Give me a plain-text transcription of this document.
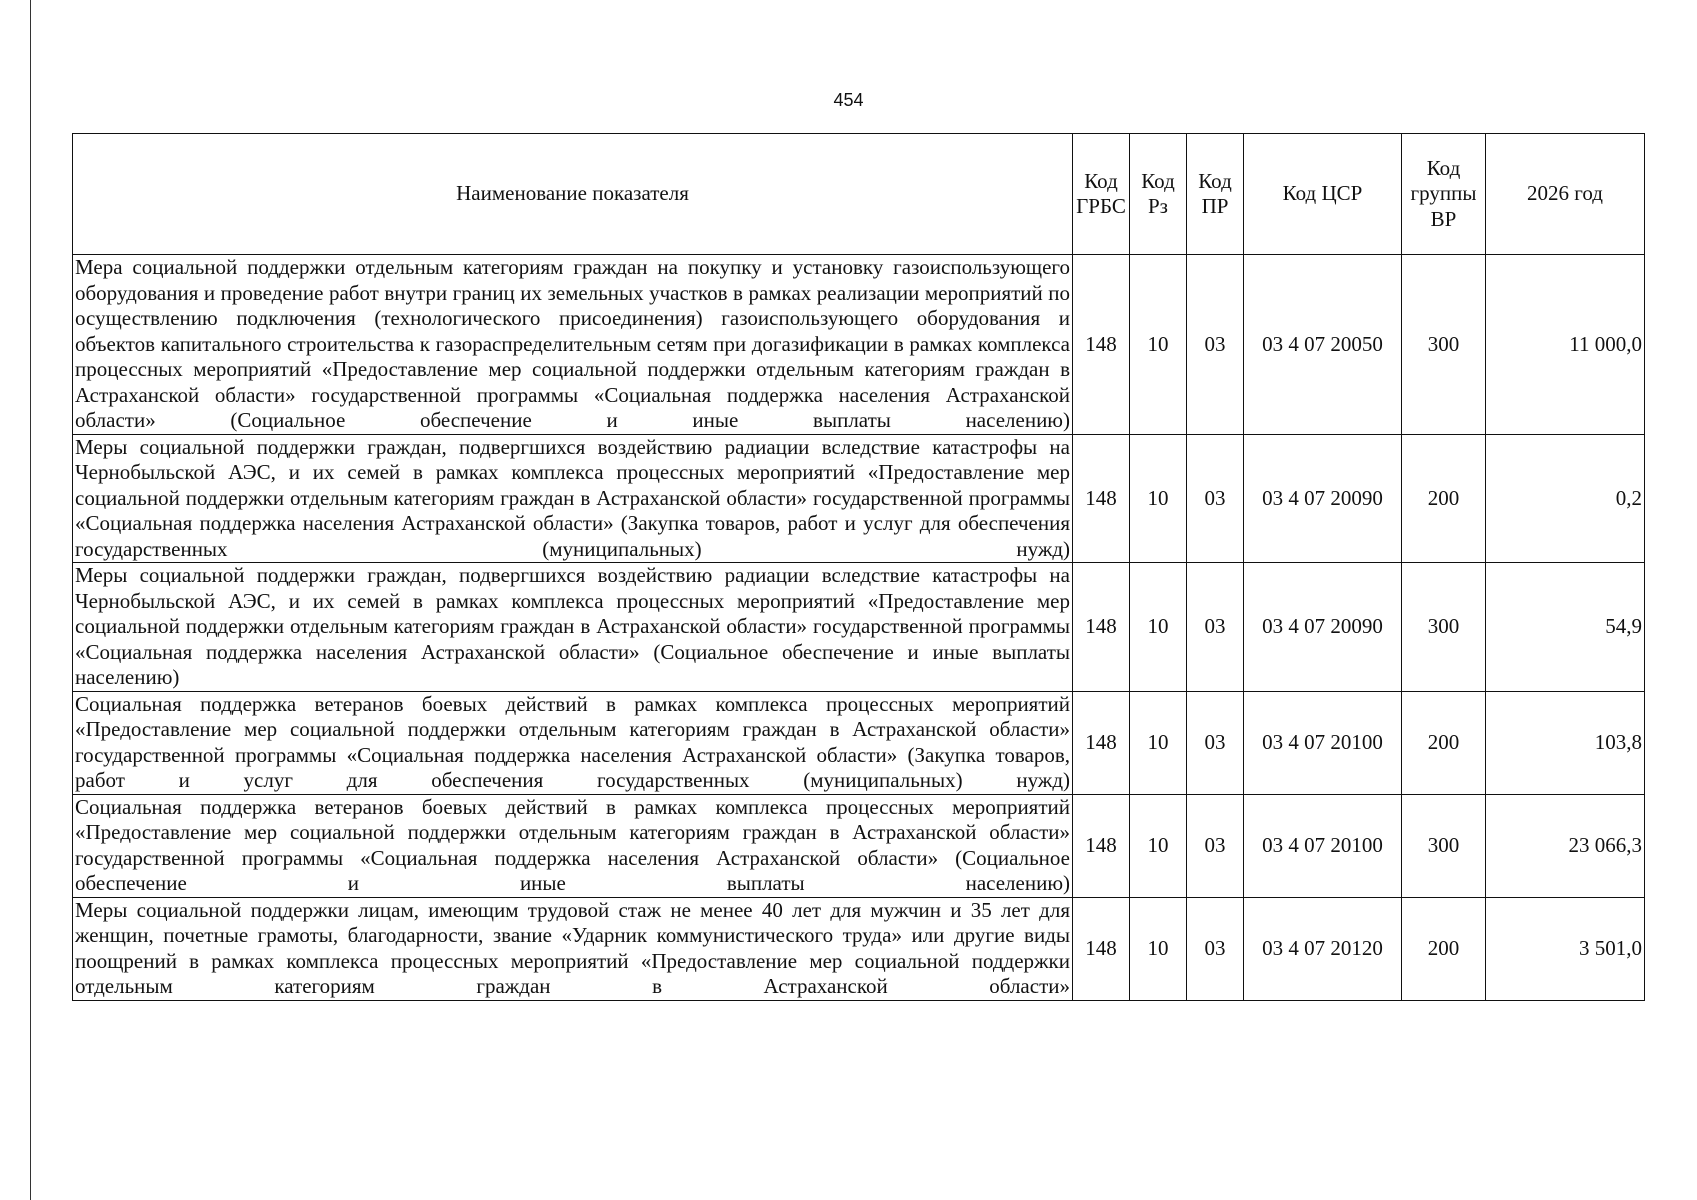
454
Наименование показателя	Код ГРБС	Код Рз	Код ПР	Код ЦСР	Код группы ВР	2026 год
Мера социальной поддержки отдельным категориям граждан на покупку и установку газоиспользующего оборудования и проведение работ внутри границ их земельных участков в рамках реализации мероприятий по осуществлению подключения (технологического присоединения) газоиспользующего оборудования и объектов капитального строительства к газораспределительным сетям при догазификации в рамках комплекса процессных мероприятий «Предоставление мер социальной поддержки отдельным категориям граждан в Астраханской области» государственной программы «Социальная поддержка населения Астраханской области» (Социальное обеспечение и иные выплаты населению)	148	10	03	03 4 07 20050	300	11 000,0
Меры социальной поддержки граждан, подвергшихся воздействию радиации вследствие катастрофы на Чернобыльской АЭС, и их семей в рамках комплекса процессных мероприятий «Предоставление мер социальной поддержки отдельным категориям граждан в Астраханской области» государственной программы «Социальная поддержка населения Астраханской области» (Закупка товаров, работ и услуг для обеспечения государственных (муниципальных) нужд)	148	10	03	03 4 07 20090	200	0,2
Меры социальной поддержки граждан, подвергшихся воздействию радиации вследствие катастрофы на Чернобыльской АЭС, и их семей в рамках комплекса процессных мероприятий «Предоставление мер социальной поддержки отдельным категориям граждан в Астраханской области» государственной программы «Социальная поддержка населения Астраханской области» (Социальное обеспечение и иные выплаты населению)	148	10	03	03 4 07 20090	300	54,9
Социальная поддержка ветеранов боевых действий в рамках комплекса процессных мероприятий «Предоставление мер социальной поддержки отдельным категориям граждан в Астраханской области» государственной программы «Социальная поддержка населения Астраханской области» (Закупка товаров, работ и услуг для обеспечения государственных (муниципальных) нужд)	148	10	03	03 4 07 20100	200	103,8
Социальная поддержка ветеранов боевых действий в рамках комплекса процессных мероприятий «Предоставление мер социальной поддержки отдельным категориям граждан в Астраханской области» государственной программы «Социальная поддержка населения Астраханской области» (Социальное обеспечение и иные выплаты населению)	148	10	03	03 4 07 20100	300	23 066,3
Меры социальной поддержки лицам, имеющим трудовой стаж не менее 40 лет для мужчин и 35 лет для женщин, почетные грамоты, благодарности, звание «Ударник коммунистического труда» или другие виды поощрений в рамках комплекса процессных мероприятий «Предоставление мер социальной поддержки отдельным категориям граждан в Астраханской области»	148	10	03	03 4 07 20120	200	3 501,0
